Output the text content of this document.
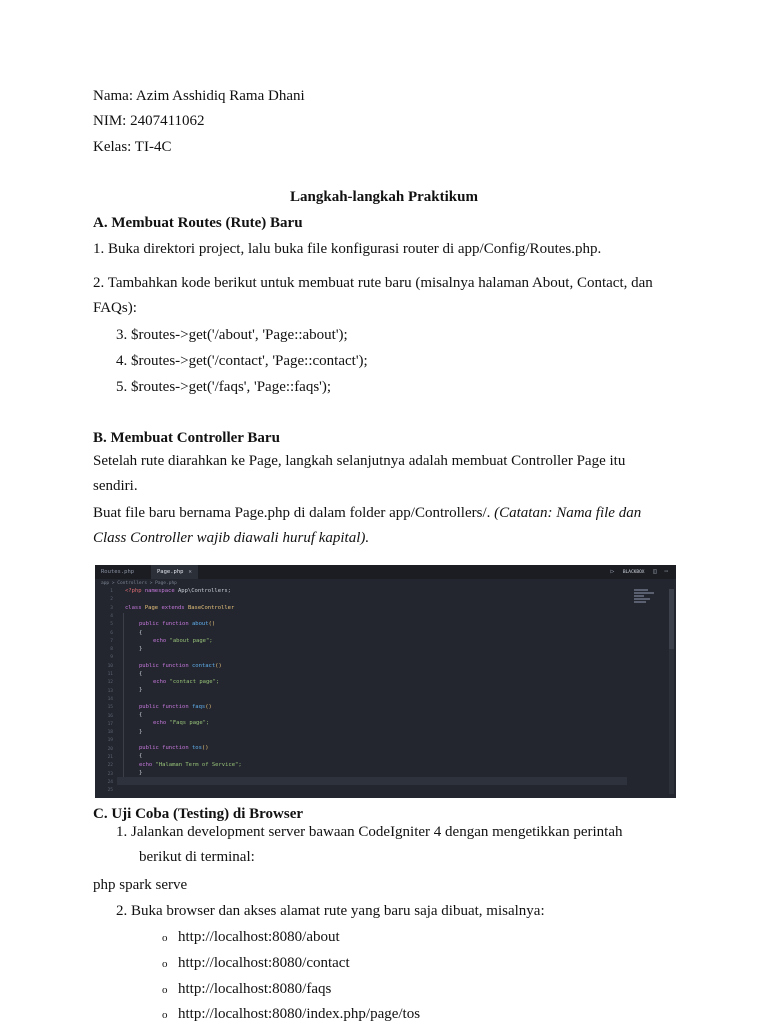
Nama: Azim Asshidiq Rama Dhani
NIM: 2407411062
Kelas: TI-4C
Langkah-langkah Praktikum
A. Membuat Routes (Rute) Baru
1. Buka direktori project, lalu buka file konfigurasi router di app/Config/Routes.php.
2. Tambahkan kode berikut untuk membuat rute baru (misalnya halaman About, Contact, dan
FAQs):
3. $routes->get('/about', 'Page::about');
4. $routes->get('/contact', 'Page::contact');
5. $routes->get('/faqs', 'Page::faqs');
B. Membuat Controller Baru
Setelah rute diarahkan ke Page, langkah selanjutnya adalah membuat Controller Page itu
sendiri.
Buat file baru bernama Page.php di dalam folder app/Controllers/. (Catatan: Nama file dan
Class Controller wajib diawali huruf kapital).
Routes.php	Page.php ✕	▷ BLACKBOX ◫ ⋯
app > Controllers > Page.php
1
2
3
4
5
6
7
8
9
10
11
12
13
14
15
16
17
18
19
20
21
22
23
24
25
<?php namespace App\Controllers;
class Page extends BaseController
public function about()
{
echo "about page";
}
public function contact()
{
echo "contact page";
}
public function faqs()
{
echo "Faqs page";
}
public function tos()
{
echo "Halaman Term of Service";
}
C. Uji Coba (Testing) di Browser
1. Jalankan development server bawaan CodeIgniter 4 dengan mengetikkan perintah
berikut di terminal:
php spark serve
2. Buka browser dan akses alamat rute yang baru saja dibuat, misalnya:
o http://localhost:8080/about
o http://localhost:8080/contact
o http://localhost:8080/faqs
o http://localhost:8080/index.php/page/tos
